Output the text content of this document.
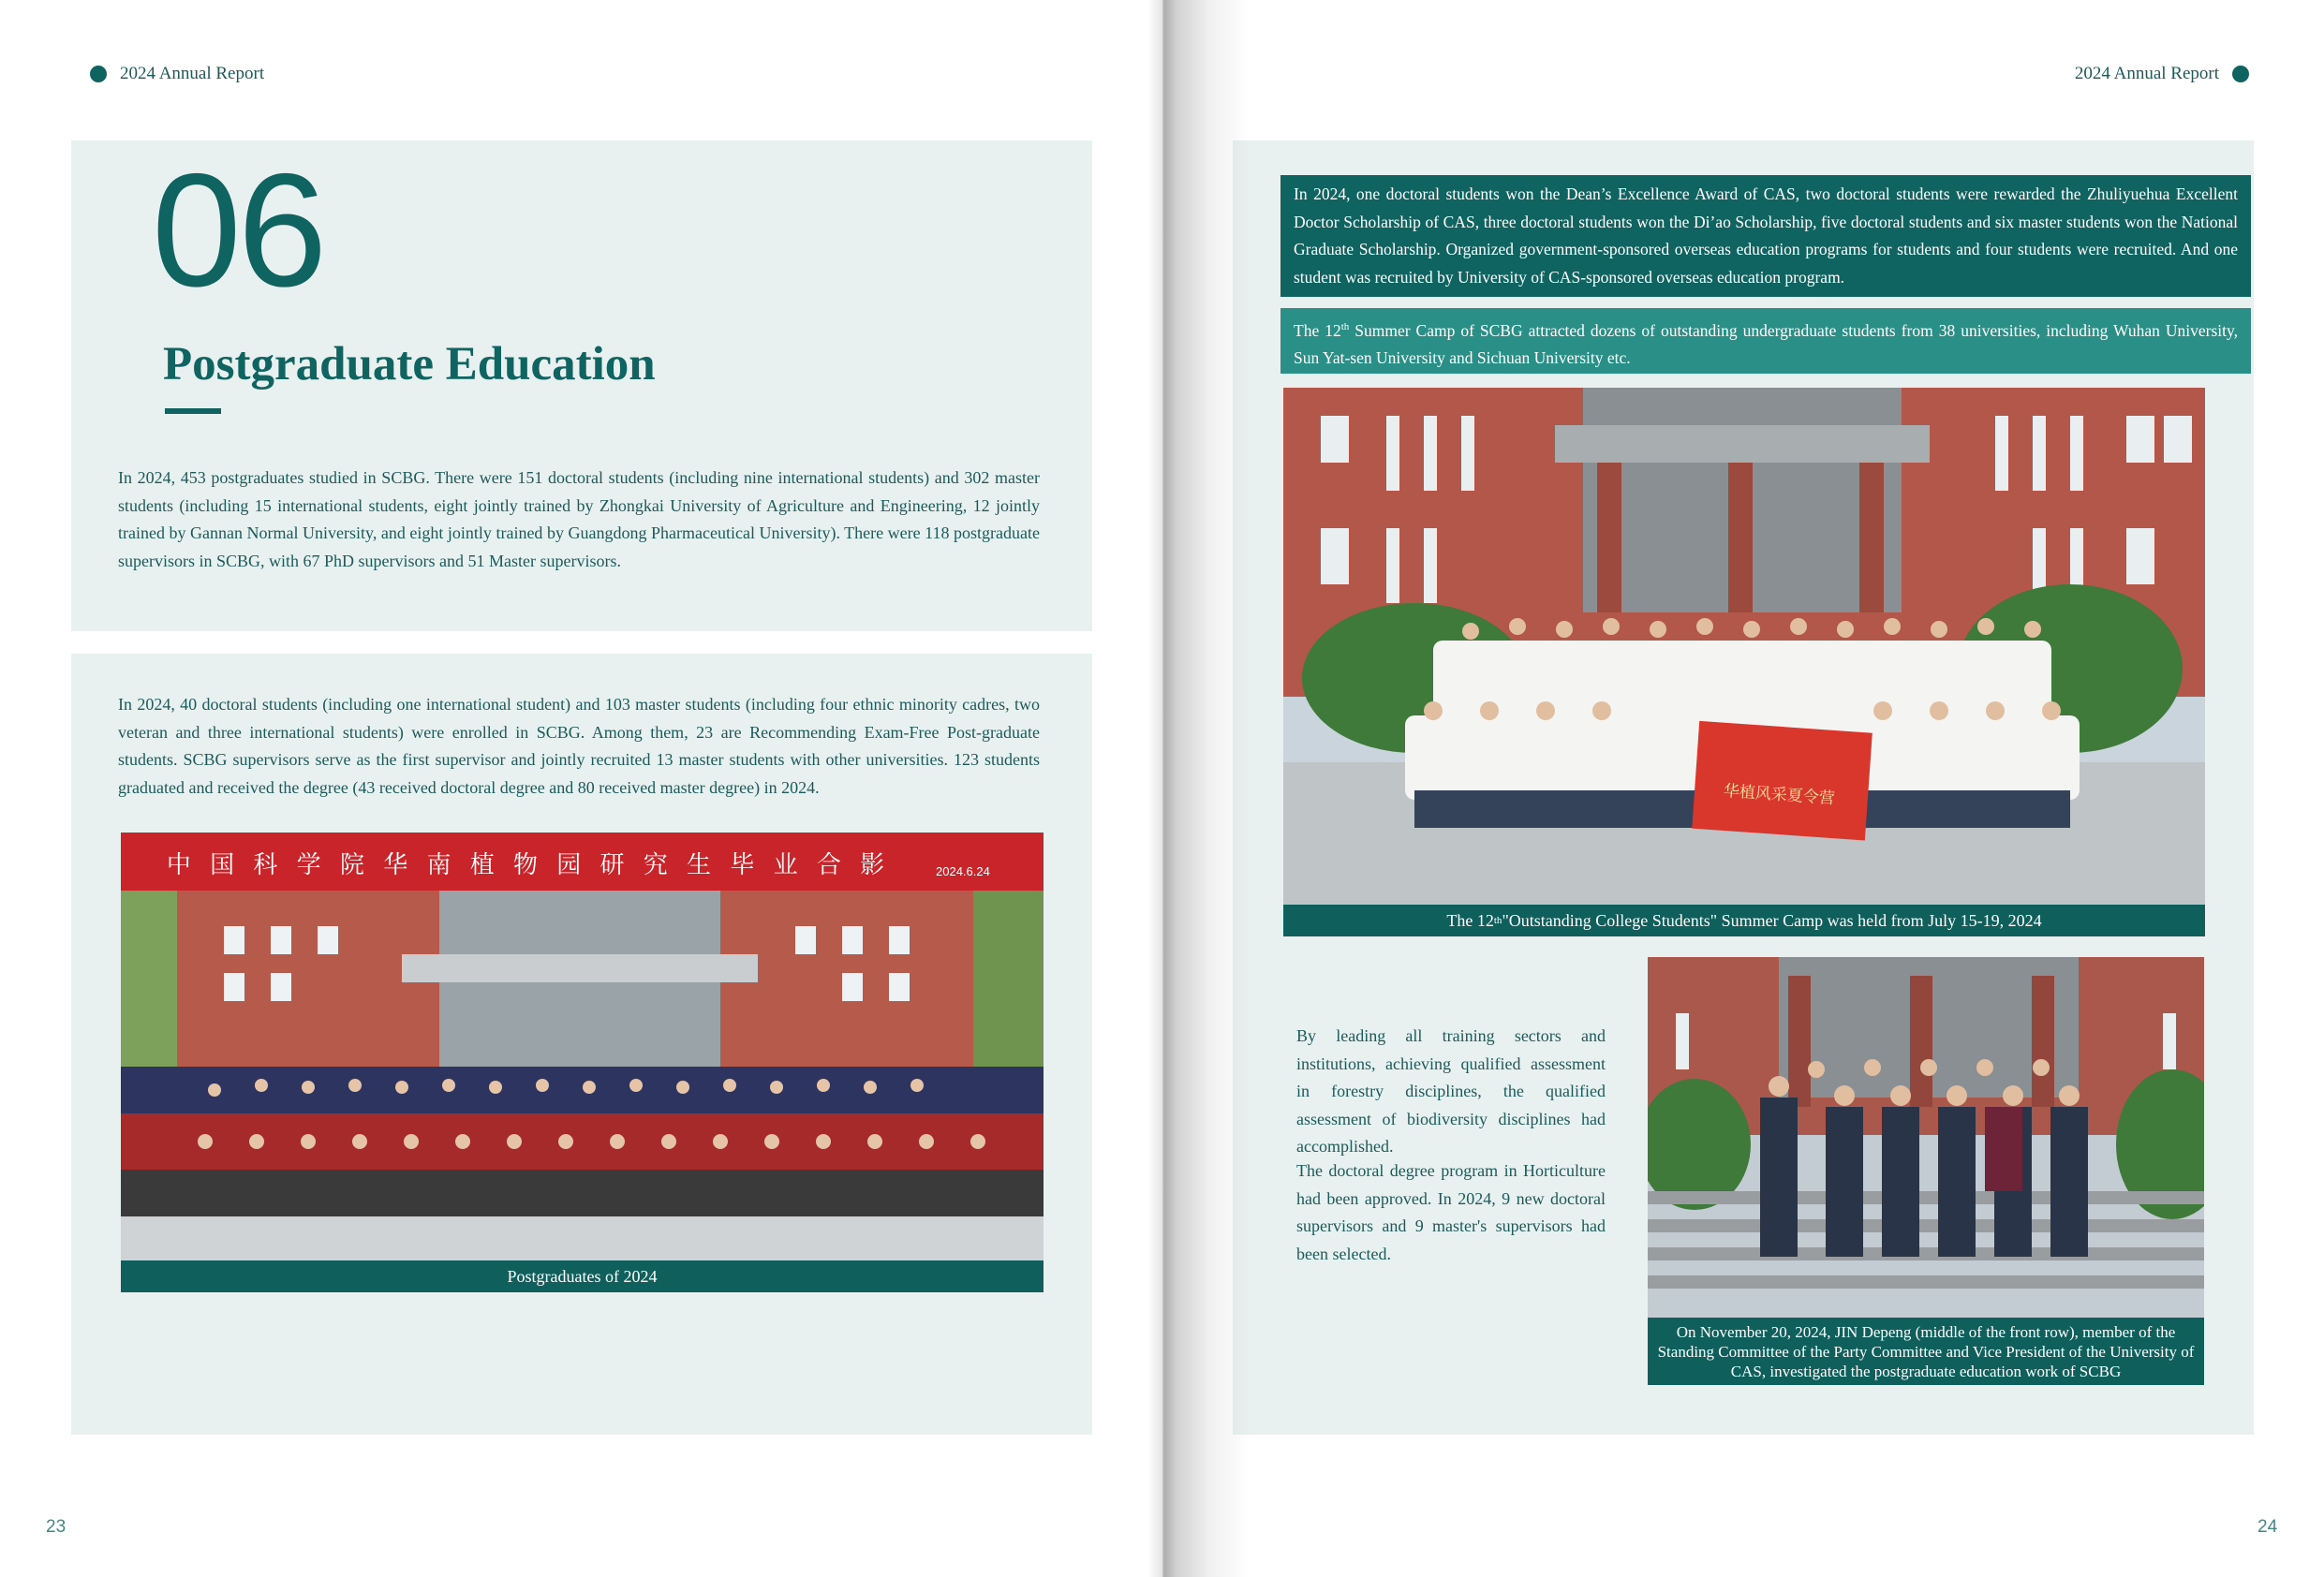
2024 Annual Report
06
Postgraduate Education
In 2024, 453 postgraduates studied in SCBG. There were 151 doctoral students (including nine international students) and 302 master students (including 15 international students, eight jointly trained by Zhongkai University of Agriculture and Engineering, 12 jointly trained by Gannan Normal University, and eight jointly trained by Guangdong Pharmaceutical University). There were 118 postgraduate supervisors in SCBG, with 67 PhD supervisors and 51 Master supervisors.
In 2024, 40 doctoral students (including one international student) and 103 master students (including four ethnic minority cadres, two veteran and three international students) were enrolled in SCBG. Among them, 23 are Recommending Exam-Free Post-graduate students. SCBG supervisors serve as the first supervisor and jointly recruited 13 master students with other universities. 123 students graduated and received the degree (43 received doctoral degree and 80 received master degree) in 2024.
中 国 科 学 院 华 南 植 物 园 研 究 生 毕 业 合 影	2024.6.24
Postgraduates of 2024
23
2024 Annual Report
In 2024, one doctoral students won the Dean’s Excellence Award of CAS, two doctoral students were rewarded the Zhuliyuehua Excellent Doctor Scholarship of CAS, three doctoral students won the Di’ao Scholarship, five doctoral students and six master students won the National Graduate Scholarship. Organized government-sponsored overseas education programs for students and four students were recruited. And one student was recruited by University of CAS-sponsored overseas education program.
The 12th Summer Camp of SCBG attracted dozens of outstanding undergraduate students from 38 universities, including Wuhan University, Sun Yat-sen University and Sichuan University etc.
华植风采夏令营
The 12 th "Outstanding College Students" Summer Camp was held from July 15-19, 2024
By leading all training sectors and institutions, achieving qualified assessment in forestry disciplines, the qualified assessment of biodiversity disciplines had accomplished.
The doctoral degree program in Horticulture had been approved. In 2024, 9 new doctoral supervisors and 9 master's supervisors had been selected.
On November 20, 2024, JIN Depeng (middle of the front row), member of the Standing Committee of the Party Committee and Vice President of the University of CAS, investigated the postgraduate education work of SCBG
24
